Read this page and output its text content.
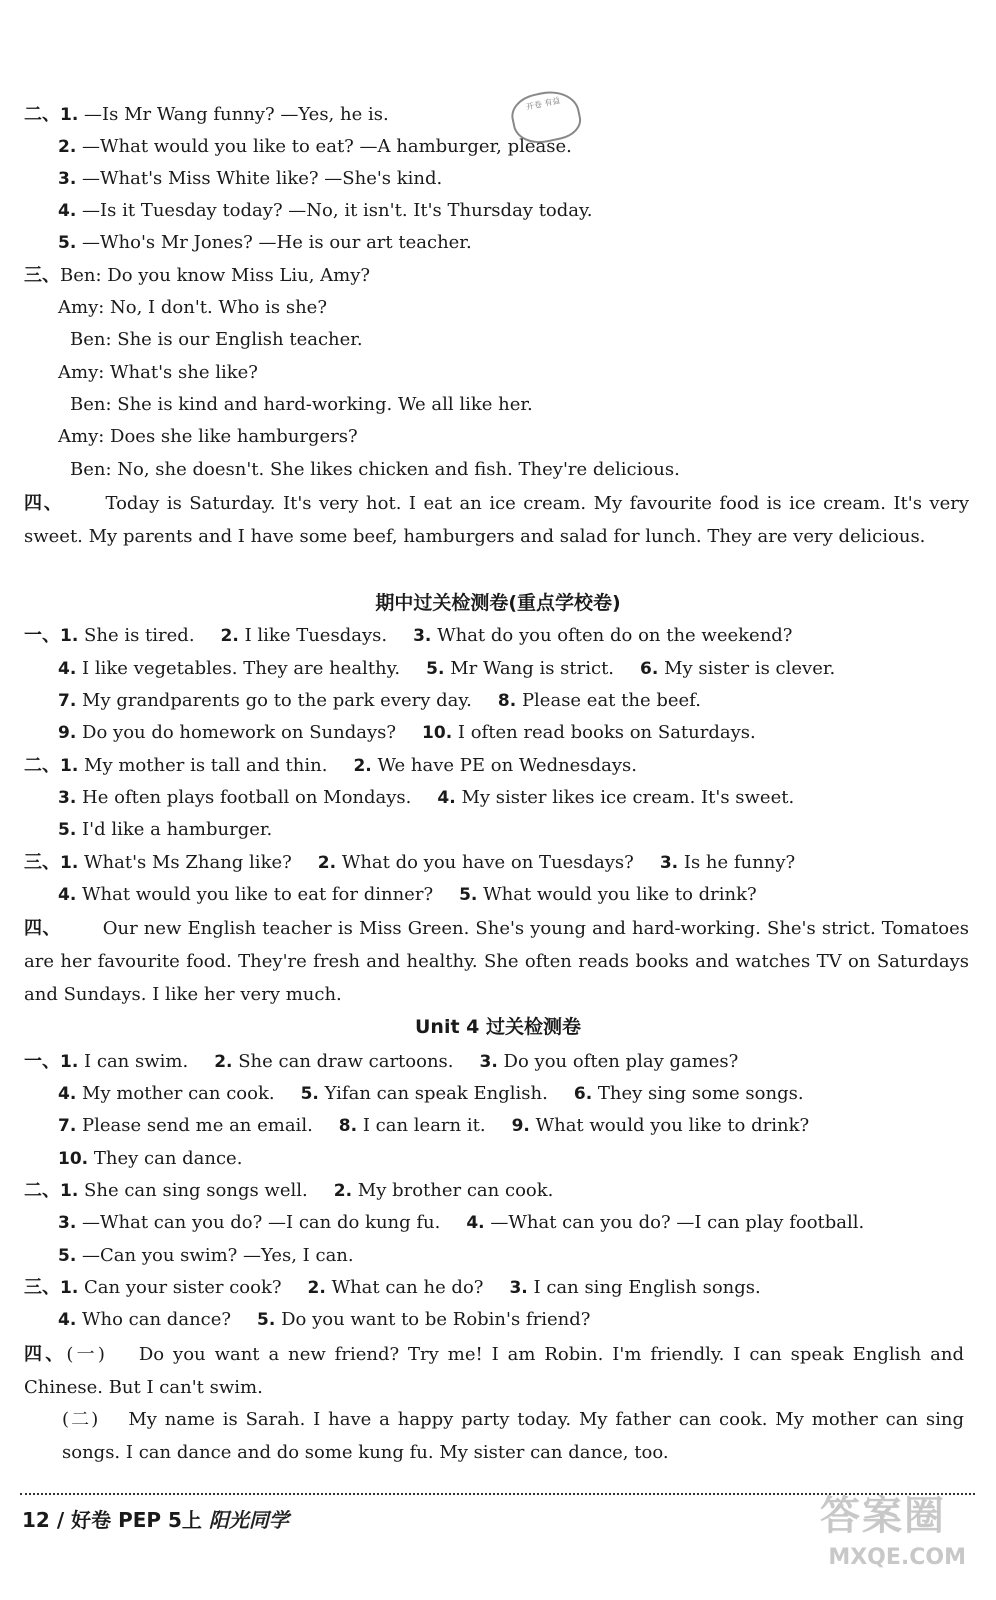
开卷 有益
二、1. —Is Mr Wang funny? —Yes, he is.
2. —What would you like to eat? —A hamburger, please.
3. —What's Miss White like? —She's kind.
4. —Is it Tuesday today? —No, it isn't. It's Thursday today.
5. —Who's Mr Jones? —He is our art teacher.
三、Ben: Do you know Miss Liu, Amy?
Amy: No, I don't. Who is she?
Ben: She is our English teacher.
Amy: What's she like?
Ben: She is kind and hard-working. We all like her.
Amy: Does she like hamburgers?
Ben: No, she doesn't. She likes chicken and fish. They're delicious.
四、 Today is Saturday. It's very hot. I eat an ice cream. My favourite food is ice cream. It's very sweet. My parents and I have some beef, hamburgers and salad for lunch. They are very delicious.
期中过关检测卷(重点学校卷)
一、1. She is tired. 2. I like Tuesdays. 3. What do you often do on the weekend?
4. I like vegetables. They are healthy. 5. Mr Wang is strict. 6. My sister is clever.
7. My grandparents go to the park every day. 8. Please eat the beef.
9. Do you do homework on Sundays? 10. I often read books on Saturdays.
二、1. My mother is tall and thin. 2. We have PE on Wednesdays.
3. He often plays football on Mondays. 4. My sister likes ice cream. It's sweet.
5. I'd like a hamburger.
三、1. What's Ms Zhang like? 2. What do you have on Tuesdays? 3. Is he funny?
4. What would you like to eat for dinner? 5. What would you like to drink?
四、 Our new English teacher is Miss Green. She's young and hard-working. She's strict. Tomatoes are her favourite food. They're fresh and healthy. She often reads books and watches TV on Saturdays and Sundays. I like her very much.
Unit 4 过关检测卷
一、1. I can swim. 2. She can draw cartoons. 3. Do you often play games?
4. My mother can cook. 5. Yifan can speak English. 6. They sing some songs.
7. Please send me an email. 8. I can learn it. 9. What would you like to drink?
10. They can dance.
二、1. She can sing songs well. 2. My brother can cook.
3. —What can you do? —I can do kung fu. 4. —What can you do? —I can play football.
5. —Can you swim? —Yes, I can.
三、1. Can your sister cook? 2. What can he do? 3. I can sing English songs.
4. Who can dance? 5. Do you want to be Robin's friend?
四、(一) Do you want a new friend? Try me! I am Robin. I'm friendly. I can speak English and Chinese. But I can't swim.
(二) My name is Sarah. I have a happy party today. My father can cook. My mother can sing songs. I can dance and do some kung fu. My sister can dance, too.
12 / 好卷 PEP 5上 阳光同学	答案圈
MXQE.COM
